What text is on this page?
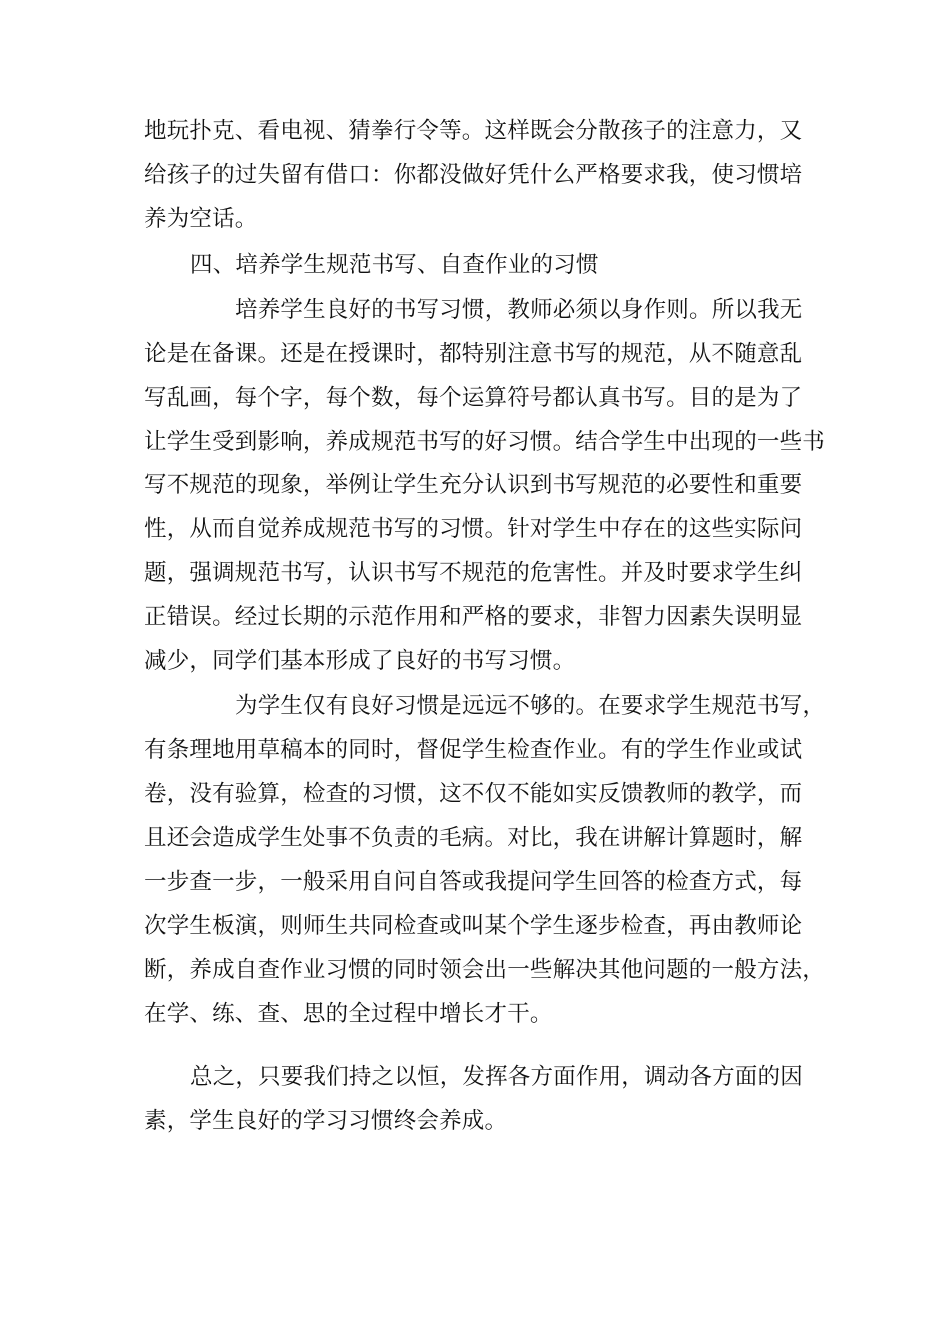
地玩扑克、看电视、猜拳行令等。这样既会分散孩子的注意力，又
给孩子的过失留有借口：你都没做好凭什么严格要求我，使习惯培
养为空话。
四、培养学生规范书写、自查作业的习惯
培养学生良好的书写习惯，教师必须以身作则。所以我无
论是在备课。还是在授课时，都特别注意书写的规范，从不随意乱
写乱画，每个字，每个数，每个运算符号都认真书写。目的是为了
让学生受到影响，养成规范书写的好习惯。结合学生中出现的一些书
写不规范的现象，举例让学生充分认识到书写规范的必要性和重要
性，从而自觉养成规范书写的习惯。针对学生中存在的这些实际问
题，强调规范书写，认识书写不规范的危害性。并及时要求学生纠
正错误。经过长期的示范作用和严格的要求，非智力因素失误明显
减少，同学们基本形成了良好的书写习惯。
为学生仅有良好习惯是远远不够的。在要求学生规范书写，
有条理地用草稿本的同时，督促学生检查作业。有的学生作业或试
卷，没有验算，检查的习惯，这不仅不能如实反馈教师的教学，而
且还会造成学生处事不负责的毛病。对比，我在讲解计算题时，解
一步查一步，一般采用自问自答或我提问学生回答的检查方式，每
次学生板演，则师生共同检查或叫某个学生逐步检查，再由教师论
断，养成自查作业习惯的同时领会出一些解决其他问题的一般方法，
在学、练、查、思的全过程中增长才干。
总之，只要我们持之以恒，发挥各方面作用，调动各方面的因
素，学生良好的学习习惯终会养成。
